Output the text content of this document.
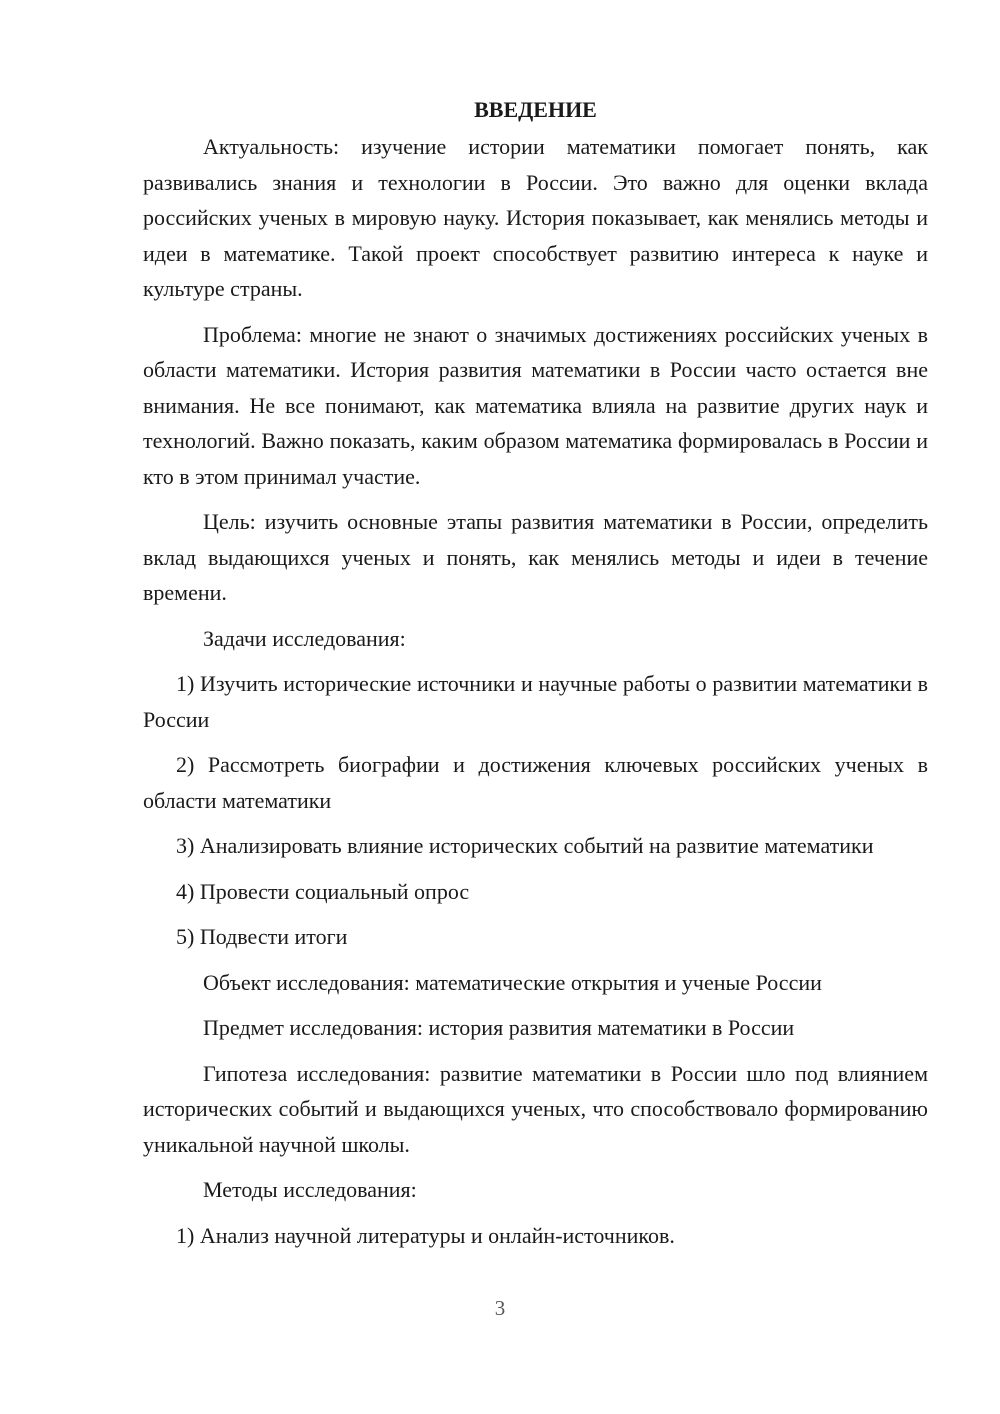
ВВЕДЕНИЕ

Актуальность: изучение истории математики помогает понять, как развивались знания и технологии в России. Это важно для оценки вклада российских ученых в мировую науку. История показывает, как менялись методы и идеи в математике. Такой проект способствует развитию интереса к науке и культуре страны.

Проблема: многие не знают о значимых достижениях российских ученых в области математики. История развития математики в России часто остается вне внимания. Не все понимают, как математика влияла на развитие других наук и технологий. Важно показать, каким образом математика формировалась в России и кто в этом принимал участие.

Цель: изучить основные этапы развития математики в России, определить вклад выдающихся ученых и понять, как менялись методы и идеи в течение времени.

Задачи исследования:

1) Изучить исторические источники и научные работы о развитии математики в России

2) Рассмотреть биографии и достижения ключевых российских ученых в области математики

3) Анализировать влияние исторических событий на развитие математики

4) Провести социальный опрос

5) Подвести итоги

Объект исследования: математические открытия и ученые России

Предмет исследования: история развития математики в России

Гипотеза исследования: развитие математики в России шло под влиянием исторических событий и выдающихся ученых, что способствовало формированию уникальной научной школы.

Методы исследования:

1) Анализ научной литературы и онлайн-источников.

3
